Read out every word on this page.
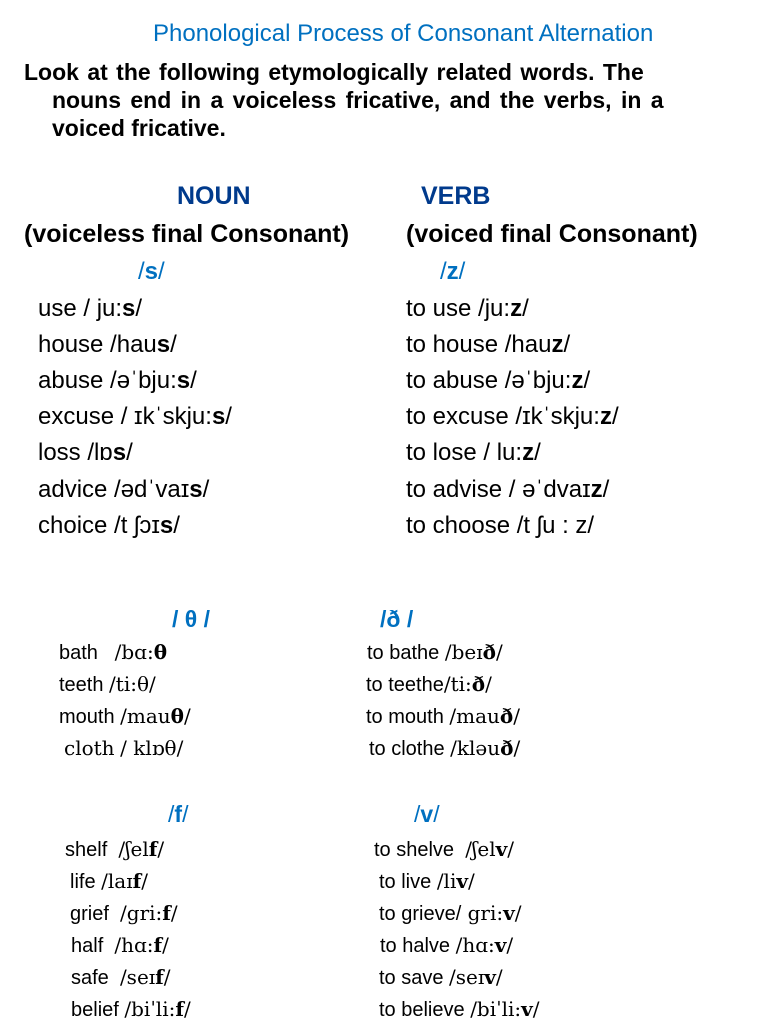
Phonological Process of Consonant Alternation
Look at the following etymologically related words. The
nouns end in a voiceless fricative, and the verbs, in a
voiced fricative.
NOUN	VERB
(voiceless final Consonant) (voiced final Consonant)
/s/	/z/
use / ju:s/	to use /ju:z/
house /haus/	to house /hauz/
abuse /əˈbju:s/	to abuse /əˈbju:z/
excuse / ɪkˈskju:s/	to excuse /ɪkˈskju:z/
loss /lɒs/	to lose / lu:z/
advice /ədˈvaɪs/	to advise / əˈdvaɪz/
choice /t ʃɔɪs/	to choose /t ʃu : z/
/ θ /	/ð /
bath /bɑ:θ	to bathe /beɪð/
teeth /ti:θ/	to teethe/ti:ð/
mouth /mauθ/	to mouth /mauð/
cloth / klɒθ/	to clothe /kləuð/
/f/	/v/
shelf /ʃelf/	to shelve /ʃelv/
life /laɪf/	to live /liv/
grief /gri:f/	to grieve/ gri:v/
half /hɑ:f/	to halve /hɑ:v/
safe /seɪf/	to save /seɪv/
belief /biˈli:f/	to believe /biˈli:v/
